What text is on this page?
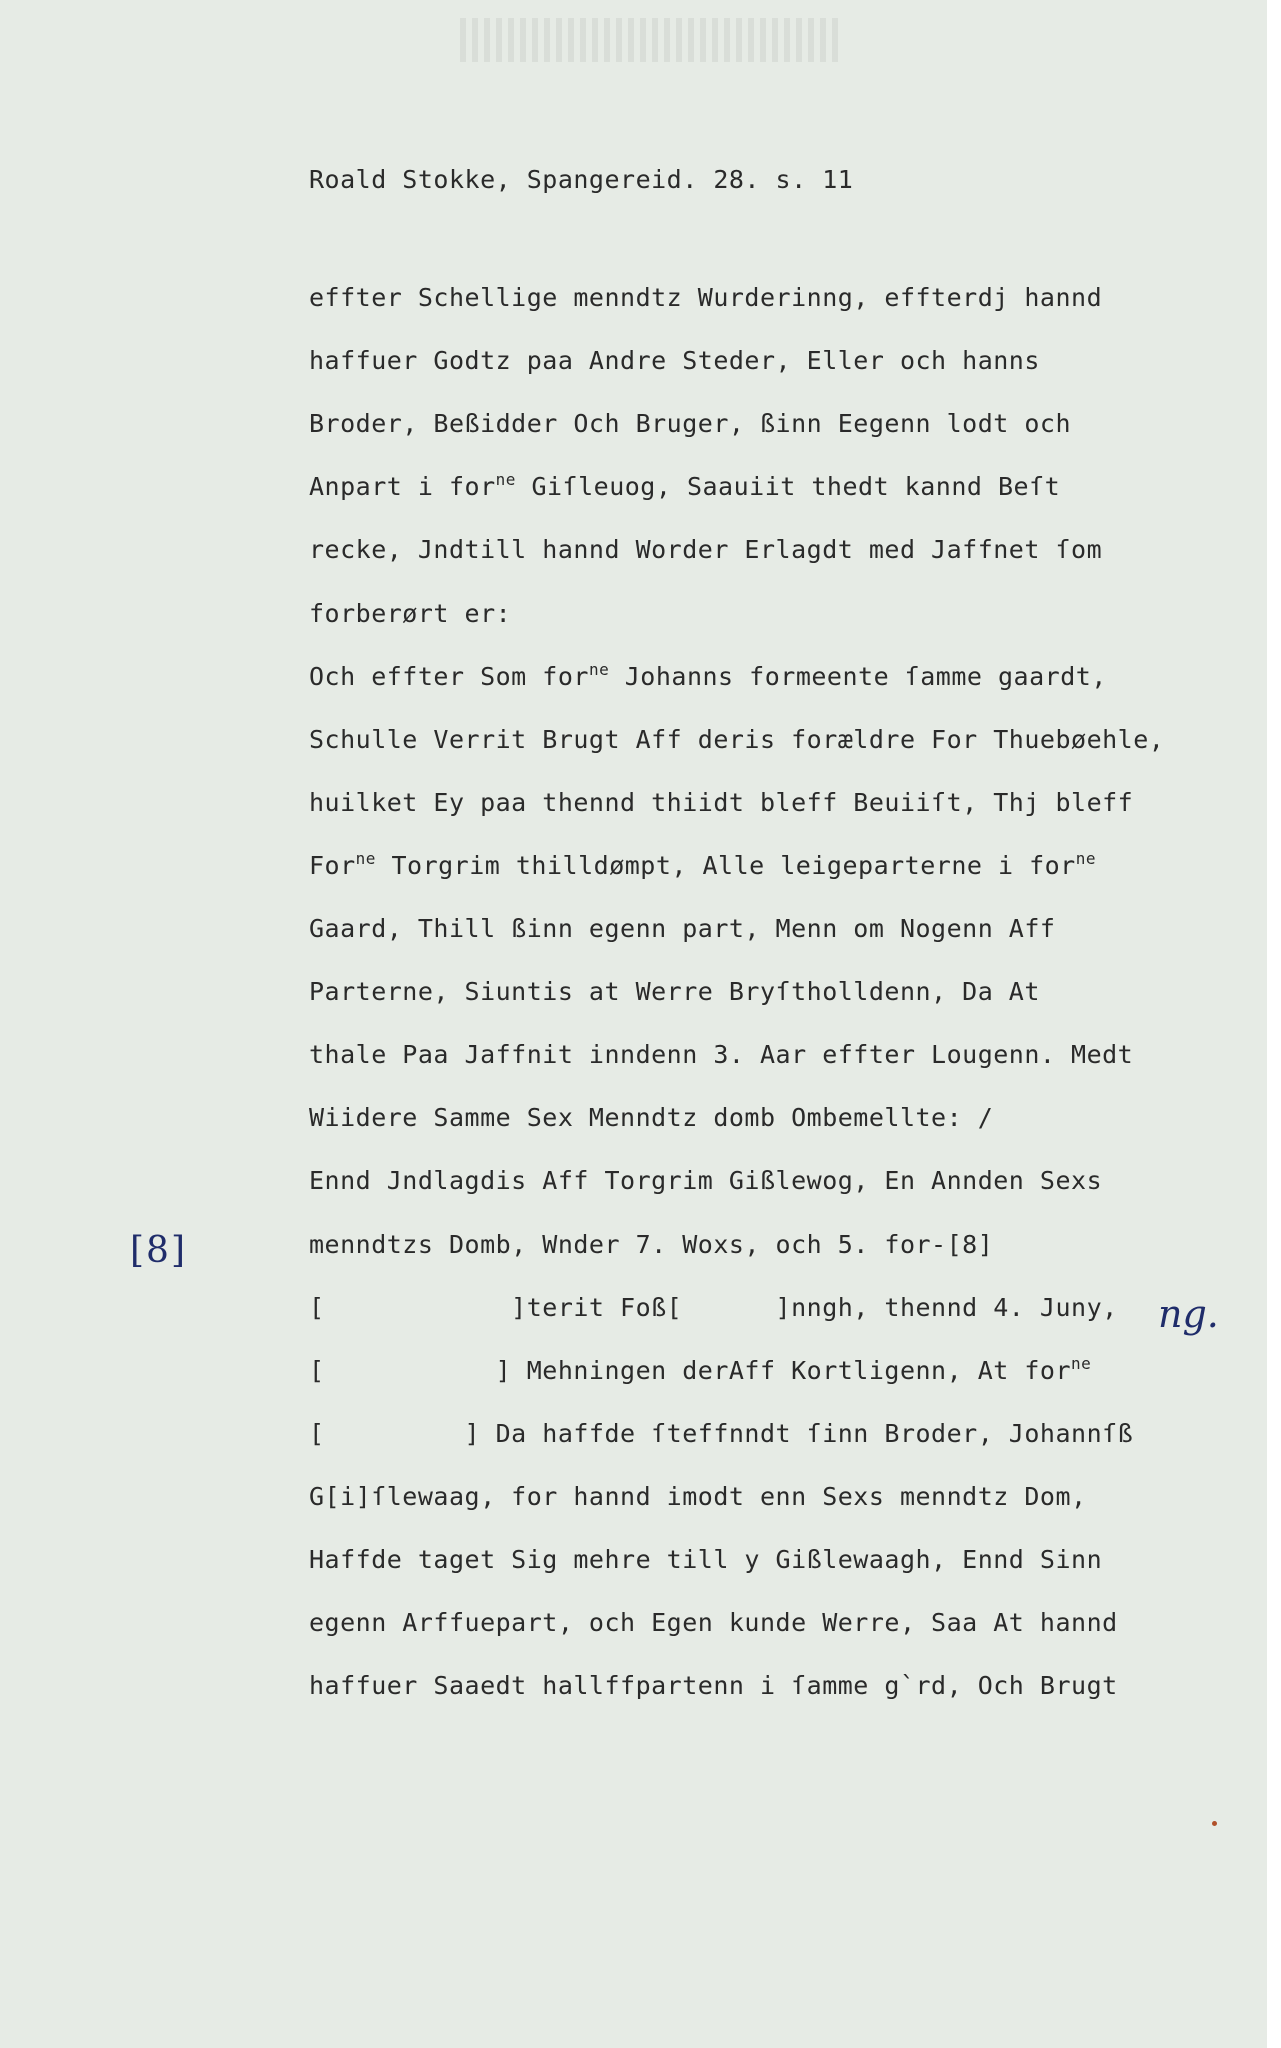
Roald Stokke, Spangereid. 28. s. 11
[8]
ng.
effter Schellige menndtz Wurderinng, effterdj hannd
haffuer Godtz paa Andre Steder, Eller och hanns
Broder, Beßidder Och Bruger, ßinn Eegenn lodt och
Anpart i for$^{ne}$ Giſleuog, Saauiit thedt kannd Beſt
recke, Jndtill hannd Worder Erlagdt med Jaffnet ſom
forberørt er:
Och effter Som for$^{ne}$ Johanns formeente ſamme gaardt,
Schulle Verrit Brugt Aff deris forældre For Thuebøehle,
huilket Ey paa thennd thiidt bleff Beuiiſt, Thj bleff
For$^{ne}$ Torgrim thilldømpt, Alle leigeparterne i for$^{ne}$
Gaard, Thill ßinn egenn part, Menn om Nogenn Aff
Parterne, Siuntis at Werre Bryſtholldenn, Da At
thale Paa Jaffnit inndenn 3. Aar effter Lougenn. Medt
Wiidere Samme Sex Menndtz domb Ombemellte: /
Ennd Jndlagdis Aff Torgrim Gißlewog, En Annden Sexs
menndtzs Domb, Wnder 7. Woxs, och 5. for-[8]
[            ]terit Foß[      ]nngh, thennd 4. Juny,
[           ] Mehningen derAff Kortligenn, At for$^{ne}$
[         ] Da haffde ſteffnndt ſinn Broder, Johannſß
G[i]ſlewaag, for hannd imodt enn Sexs menndtz Dom,
Haffde taget Sig mehre till y Gißlewaagh, Ennd Sinn
egenn Arffuepart, och Egen kunde Werre, Saa At hannd
haffuer Saaedt hallffpartenn i ſamme g`rd, Och Brugt
